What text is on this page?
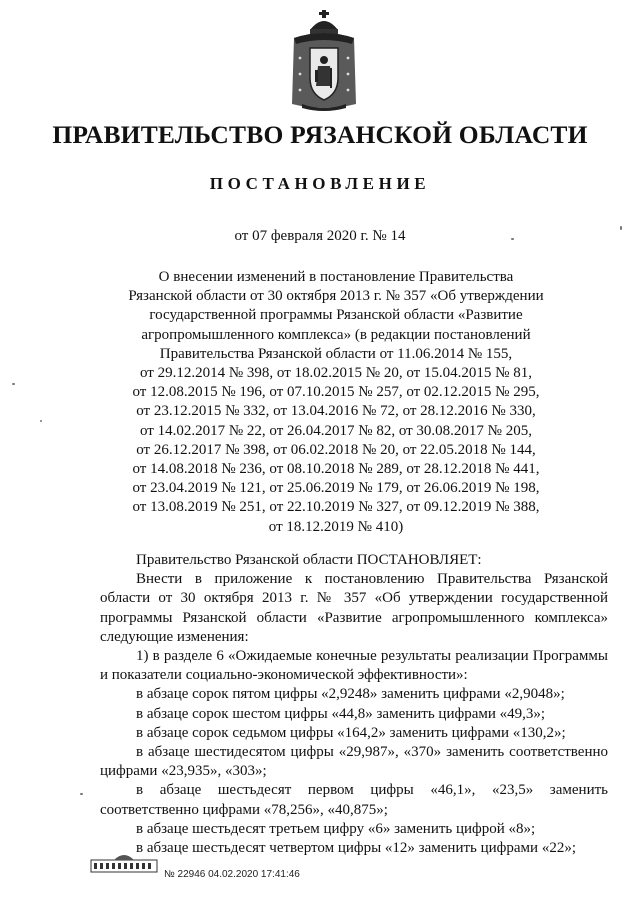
ПРАВИТЕЛЬСТВО РЯЗАНСКОЙ ОБЛАСТИ
ПОСТАНОВЛЕНИЕ
от 07 февраля 2020 г. № 14
О внесении изменений в постановление Правительства
Рязанской области от 30 октября 2013 г. № 357 «Об утверждении
государственной программы Рязанской области «Развитие
агропромышленного комплекса» (в редакции постановлений
Правительства Рязанской области от 11.06.2014 № 155,
от 29.12.2014 № 398, от 18.02.2015 № 20, от 15.04.2015 № 81,
от 12.08.2015 № 196, от 07.10.2015 № 257, от 02.12.2015 № 295,
от 23.12.2015 № 332, от 13.04.2016 № 72, от 28.12.2016 № 330,
от 14.02.2017 № 22, от 26.04.2017 № 82, от 30.08.2017 № 205,
от 26.12.2017 № 398, от 06.02.2018 № 20, от 22.05.2018 № 144,
от 14.08.2018 № 236, от 08.10.2018 № 289, от 28.12.2018 № 441,
от 23.04.2019 № 121, от 25.06.2019 № 179, от 26.06.2019 № 198,
от 13.08.2019 № 251, от 22.10.2019 № 327, от 09.12.2019 № 388,
от 18.12.2019 № 410)

Правительство Рязанской области ПОСТАНОВЛЯЕТ:

Внести в приложение к постановлению Правительства Рязанской области от 30 октября 2013 г. № 357 «Об утверждении государственной программы Рязанской области «Развитие агропромышленного комплекса» следующие изменения:

1) в разделе 6 «Ожидаемые конечные результаты реализации Программы и показатели социально-экономической эффективности»:

в абзаце сорок пятом цифры «2,9248» заменить цифрами «2,9048»;

в абзаце сорок шестом цифры «44,8» заменить цифрами «49,3»;

в абзаце сорок седьмом цифры «164,2» заменить цифрами «130,2»;

в абзаце шестидесятом цифры «29,987», «370» заменить соответственно цифрами «23,935», «303»;

в абзаце шестьдесят первом цифры «46,1», «23,5» заменить соответственно цифрами «78,256», «40,875»;

в абзаце шестьдесят третьем цифру «6» заменить цифрой «8»;

в абзаце шестьдесят четвертом цифры «12» заменить цифрами «22»;

№ 22946 04.02.2020 17:41:46
